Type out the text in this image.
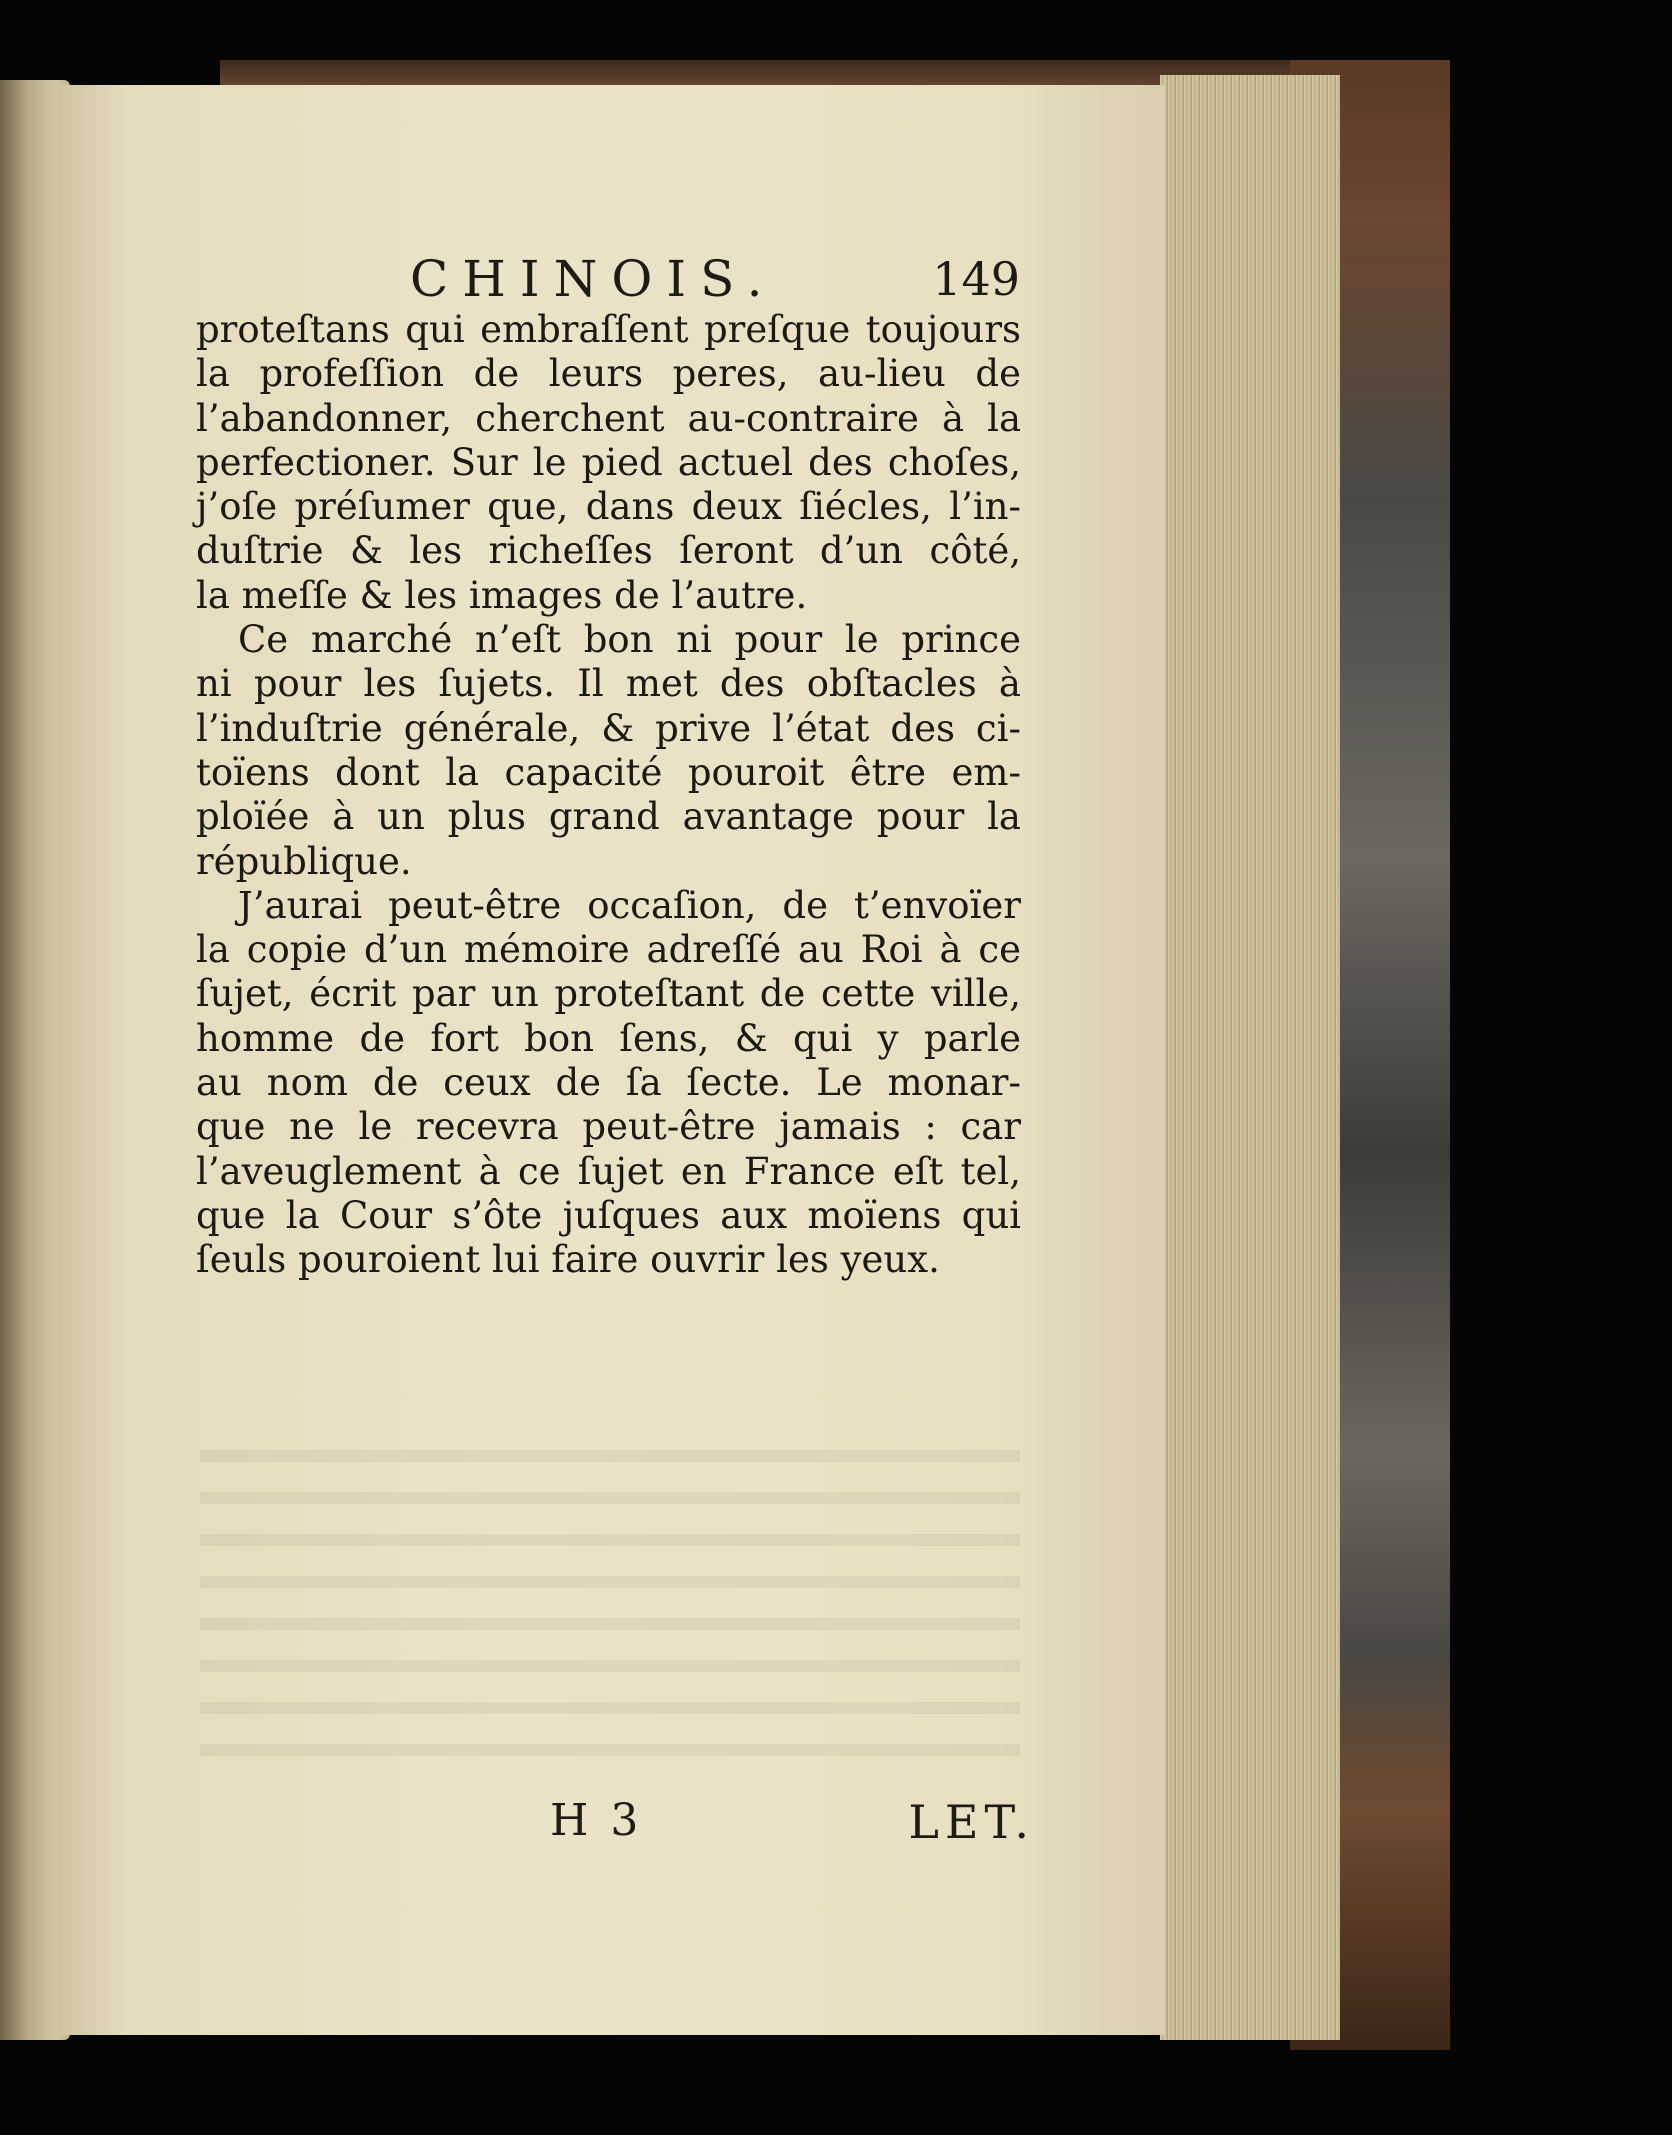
CHINOIS.	149
proteſtans qui embraſſent preſque toujours
la profeſſion de leurs peres, au-lieu de
l’abandonner, cherchent au-contraire à la
perfectioner. Sur le pied actuel des choſes,
j’oſe préſumer que, dans deux ſiécles, l’in-
duſtrie & les richeſſes ſeront d’un côté,
la meſſe & les images de l’autre.
Ce marché n’eſt bon ni pour le prince
ni pour les ſujets. Il met des obſtacles à
l’induſtrie générale, & prive l’état des ci-
toïens dont la capacité pouroit être em-
ploïée à un plus grand avantage pour la
république.
J’aurai peut-être occaſion, de t’envoïer
la copie d’un mémoire adreſſé au Roi à ce
ſujet, écrit par un proteſtant de cette ville,
homme de fort bon ſens, & qui y parle
au nom de ceux de ſa ſecte. Le monar-
que ne le recevra peut-être jamais : car
l’aveuglement à ce ſujet en France eſt tel,
que la Cour s’ôte juſques aux moïens qui
ſeuls pouroient lui faire ouvrir les yeux.
H 3	LET.
